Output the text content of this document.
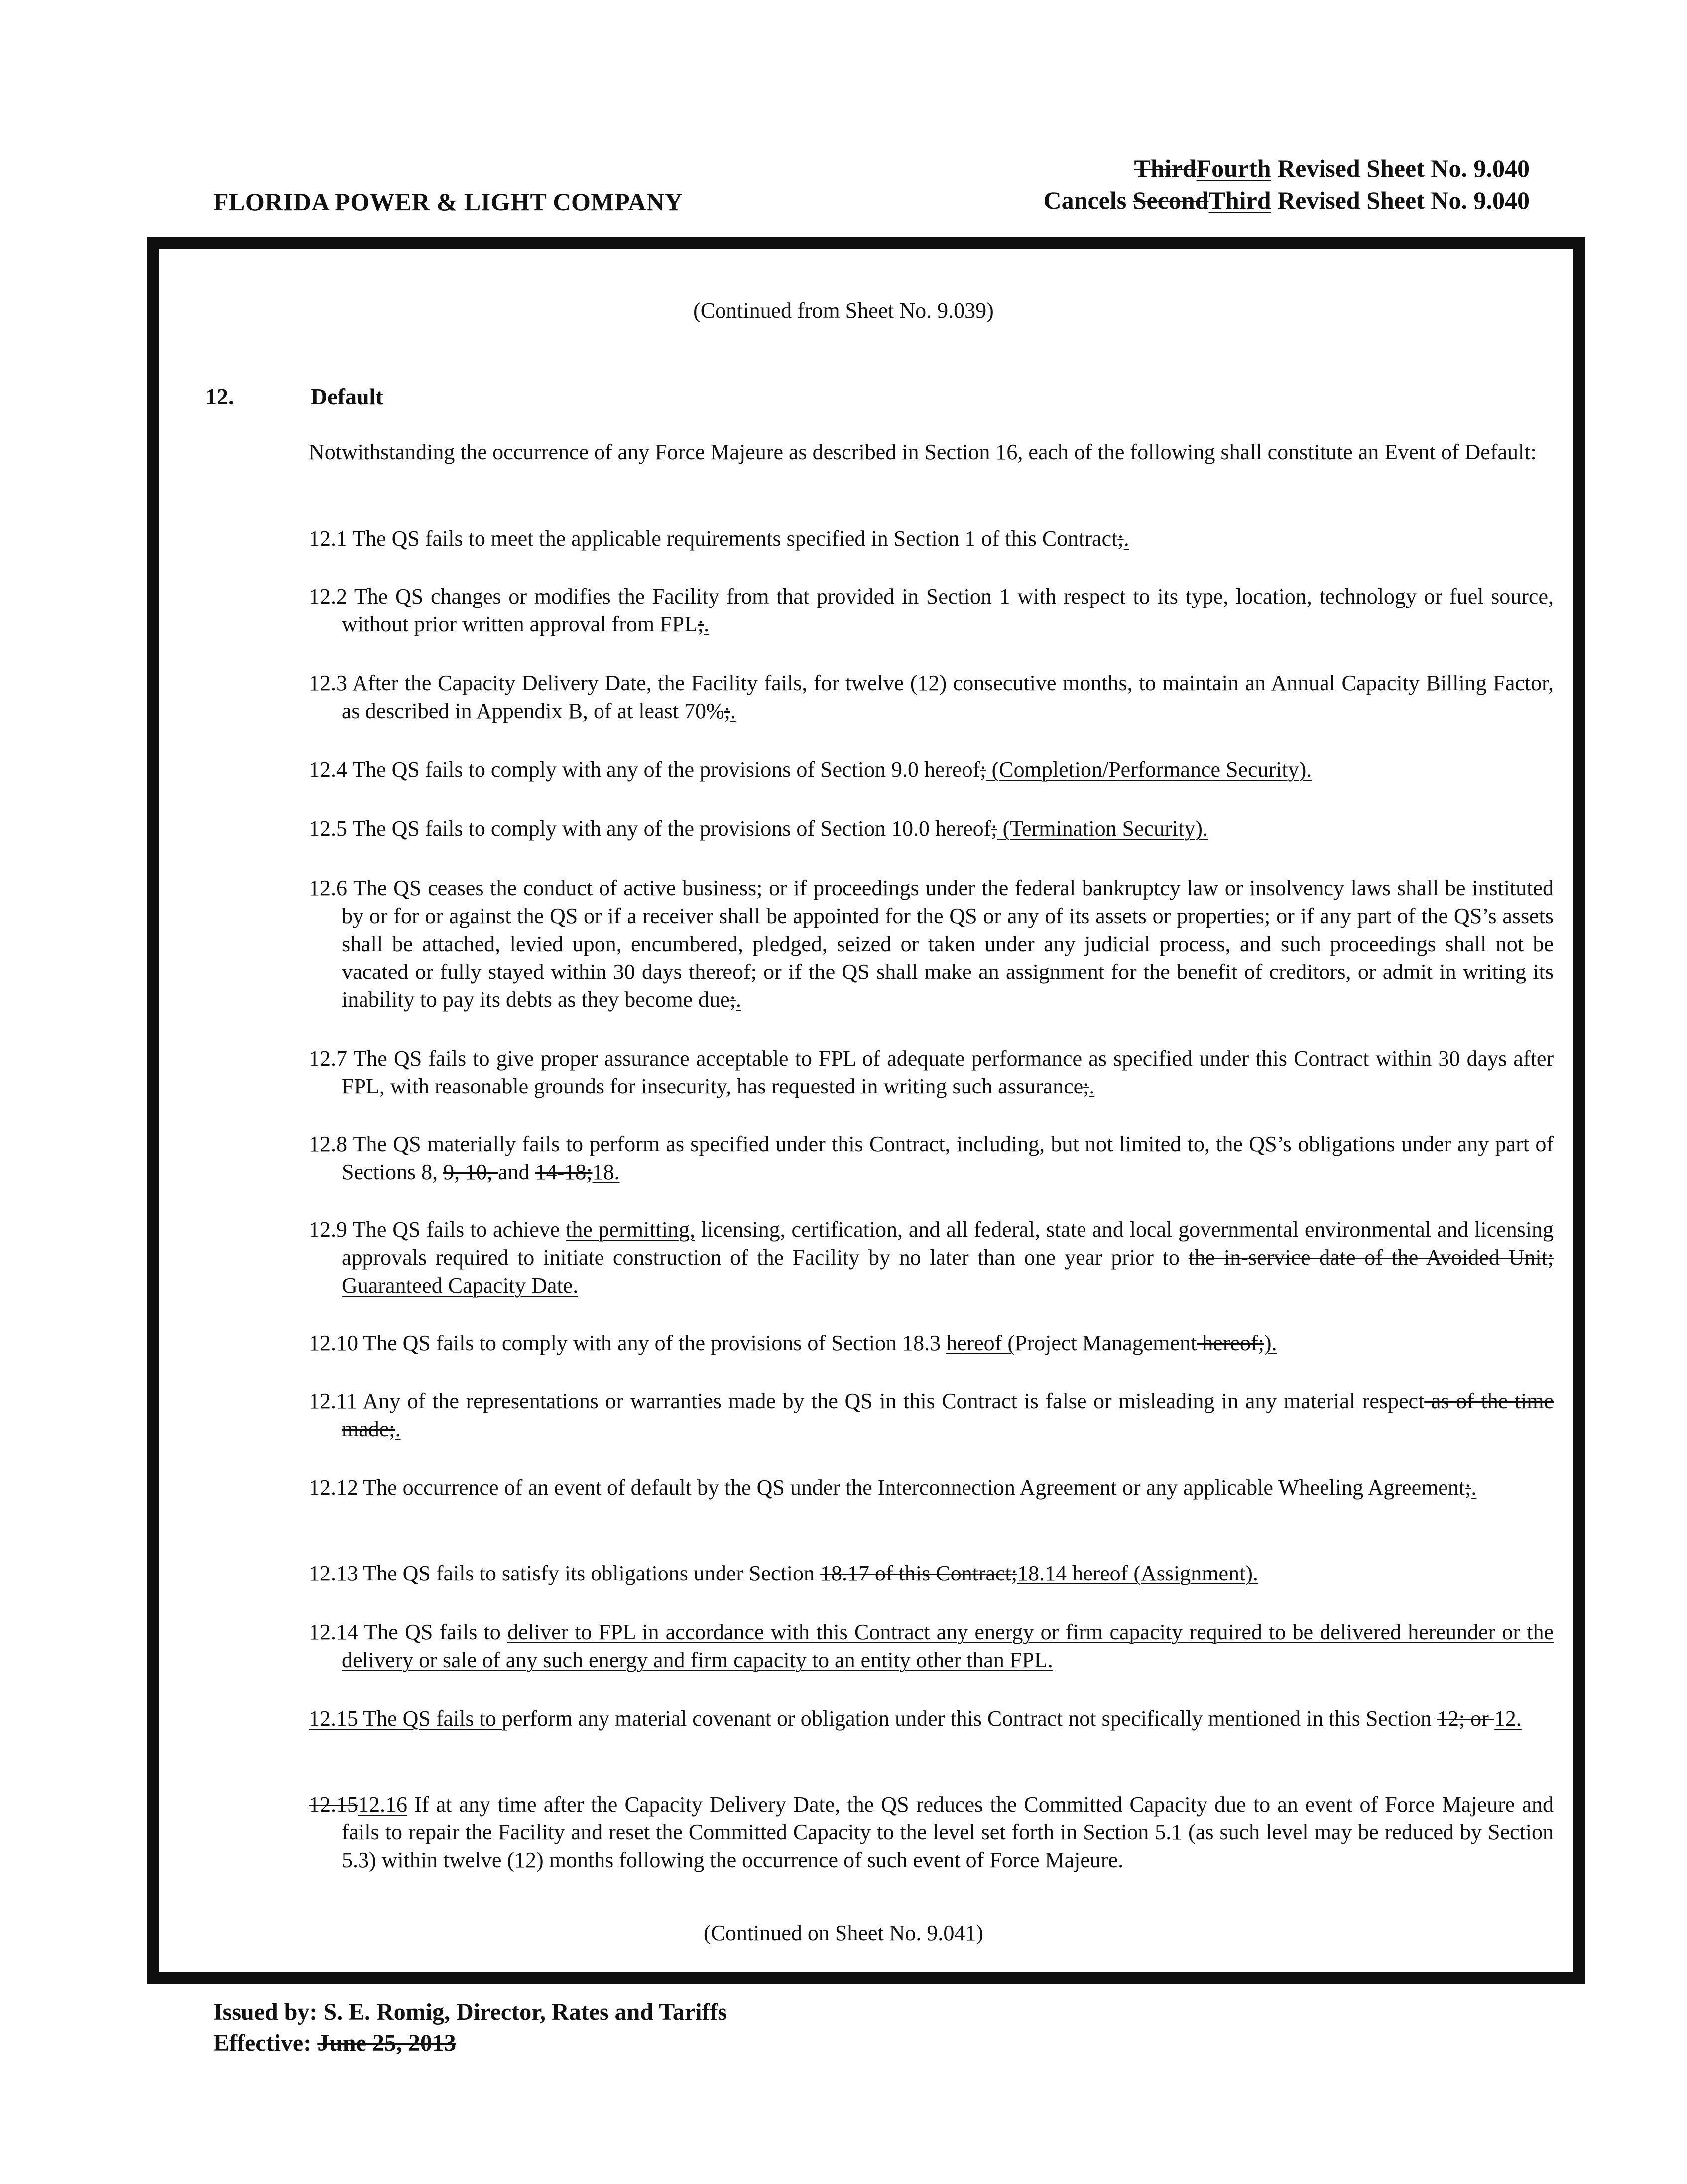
FLORIDA POWER & LIGHT COMPANY
ThirdFourth Revised Sheet No. 9.040
Cancels SecondThird Revised Sheet No. 9.040
(Continued from Sheet No. 9.039)
12.	Default
Notwithstanding the occurrence of any Force Majeure as described in Section 16, each of the following shall constitute an Event of Default:
12.1 The QS fails to meet the applicable requirements specified in Section 1 of this Contract;.
12.2 The QS changes or modifies the Facility from that provided in Section 1 with respect to its type, location, technology or fuel source, without prior written approval from FPL;.
12.3 After the Capacity Delivery Date, the Facility fails, for twelve (12) consecutive months, to maintain an Annual Capacity Billing Factor, as described in Appendix B, of at least 70%;.
12.4 The QS fails to comply with any of the provisions of Section 9.0 hereof; (Completion/Performance Security).
12.5 The QS fails to comply with any of the provisions of Section 10.0 hereof; (Termination Security).
12.6 The QS ceases the conduct of active business; or if proceedings under the federal bankruptcy law or insolvency laws shall be instituted by or for or against the QS or if a receiver shall be appointed for the QS or any of its assets or properties; or if any part of the QS’s assets shall be attached, levied upon, encumbered, pledged, seized or taken under any judicial process, and such proceedings shall not be vacated or fully stayed within 30 days thereof; or if the QS shall make an assignment for the benefit of creditors, or admit in writing its inability to pay its debts as they become due;.
12.7 The QS fails to give proper assurance acceptable to FPL of adequate performance as specified under this Contract within 30 days after FPL, with reasonable grounds for insecurity, has requested in writing such assurance;.
12.8 The QS materially fails to perform as specified under this Contract, including, but not limited to, the QS’s obligations under any part of Sections 8, 9, 10, and 14-18;18.
12.9 The QS fails to achieve the permitting, licensing, certification, and all federal, state and local governmental environmental and licensing approvals required to initiate construction of the Facility by no later than one year prior to the in-service date of the Avoided Unit; Guaranteed Capacity Date.
12.10 The QS fails to comply with any of the provisions of Section 18.3 hereof (Project Management hereof;).
12.11 Any of the representations or warranties made by the QS in this Contract is false or misleading in any material respect as of the time made;.
12.12 The occurrence of an event of default by the QS under the Interconnection Agreement or any applicable Wheeling Agreement;.
12.13 The QS fails to satisfy its obligations under Section 18.17 of this Contract;18.14 hereof (Assignment).
12.14 The QS fails to deliver to FPL in accordance with this Contract any energy or firm capacity required to be delivered hereunder or the delivery or sale of any such energy and firm capacity to an entity other than FPL.
12.15 The QS fails to perform any material covenant or obligation under this Contract not specifically mentioned in this Section 12; or 12.
12.1512.16 If at any time after the Capacity Delivery Date, the QS reduces the Committed Capacity due to an event of Force Majeure and fails to repair the Facility and reset the Committed Capacity to the level set forth in Section 5.1 (as such level may be reduced by Section 5.3) within twelve (12) months following the occurrence of such event of Force Majeure.
(Continued on Sheet No. 9.041)
Issued by: S. E. Romig, Director, Rates and Tariffs
Effective: June 25, 2013
